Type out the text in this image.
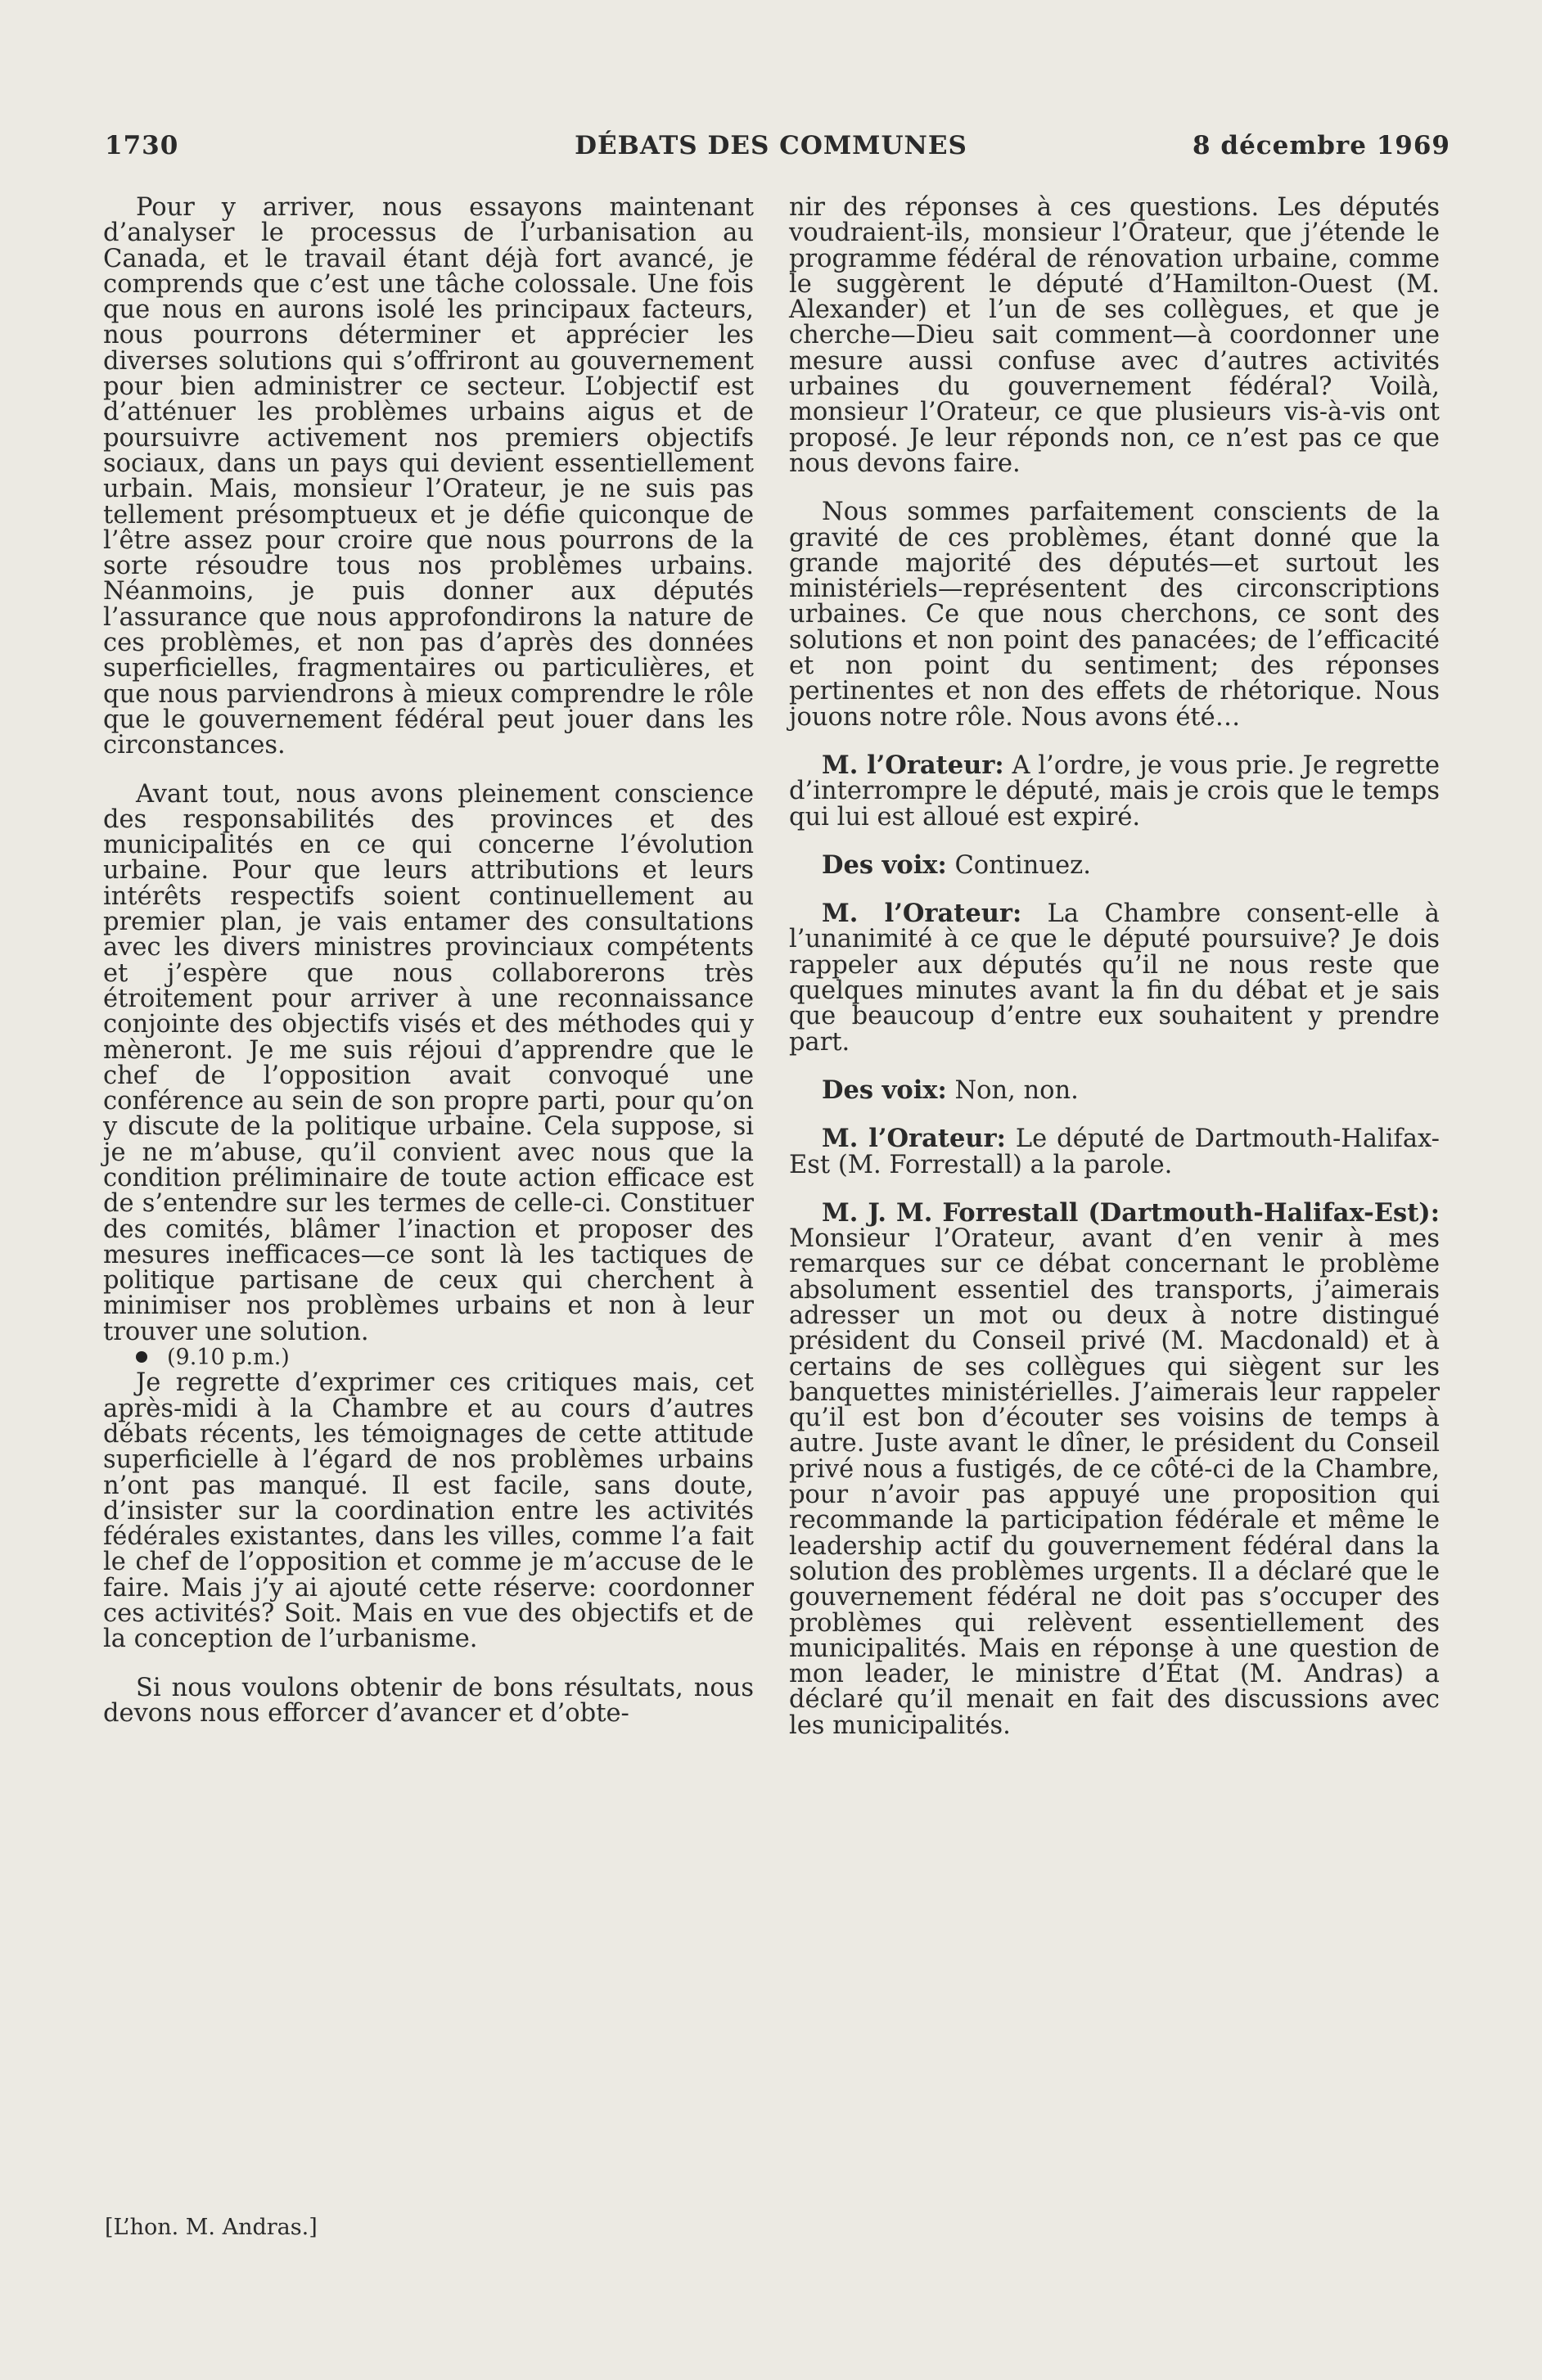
1730	DÉBATS DES COMMUNES	8 décembre 1969

Pour y arriver, nous essayons maintenant d’analyser le processus de l’urbanisation au Canada, et le travail étant déjà fort avancé, je comprends que c’est une tâche colossale. Une fois que nous en aurons isolé les principaux facteurs, nous pourrons déterminer et apprécier les diverses solutions qui s’offriront au gouvernement pour bien administrer ce secteur. L’objectif est d’atténuer les problèmes urbains aigus et de poursuivre activement nos premiers objectifs sociaux, dans un pays qui devient essentiellement urbain. Mais, monsieur l’Orateur, je ne suis pas tellement présomptueux et je défie quiconque de l’être assez pour croire que nous pourrons de la sorte résoudre tous nos problèmes urbains. Néanmoins, je puis donner aux députés l’assurance que nous approfondirons la nature de ces problèmes, et non pas d’après des données superficielles, fragmentaires ou particulières, et que nous parviendrons à mieux comprendre le rôle que le gouvernement fédéral peut jouer dans les circonstances.

Avant tout, nous avons pleinement conscience des responsabilités des provinces et des municipalités en ce qui concerne l’évolution urbaine. Pour que leurs attributions et leurs intérêts respectifs soient continuellement au premier plan, je vais entamer des consultations avec les divers ministres provinciaux compétents et j’espère que nous collaborerons très étroitement pour arriver à une reconnaissance conjointe des objectifs visés et des méthodes qui y mèneront. Je me suis réjoui d’apprendre que le chef de l’opposition avait convoqué une conférence au sein de son propre parti, pour qu’on y discute de la politique urbaine. Cela suppose, si je ne m’abuse, qu’il convient avec nous que la condition préliminaire de toute action efficace est de s’entendre sur les termes de celle-ci. Constituer des comités, blâmer l’inaction et proposer des mesures inefficaces—ce sont là les tactiques de politique partisane de ceux qui cherchent à minimiser nos problèmes urbains et non à leur trouver une solution.

(9.10 p.m.)

Je regrette d’exprimer ces critiques mais, cet après-midi à la Chambre et au cours d’autres débats récents, les témoignages de cette attitude superficielle à l’égard de nos problèmes urbains n’ont pas manqué. Il est facile, sans doute, d’insister sur la coordination entre les activités fédérales existantes, dans les villes, comme l’a fait le chef de l’opposition et comme je m’accuse de le faire. Mais j’y ai ajouté cette réserve: coordonner ces activités? Soit. Mais en vue des objectifs et de la conception de l’urbanisme.

Si nous voulons obtenir de bons résultats, nous devons nous efforcer d’avancer et d’obte-

nir des réponses à ces questions. Les députés voudraient-ils, monsieur l’Orateur, que j’étende le programme fédéral de rénovation urbaine, comme le suggèrent le député d’Hamilton-Ouest (M. Alexander) et l’un de ses collègues, et que je cherche—Dieu sait comment—à coordonner une mesure aussi confuse avec d’autres activités urbaines du gouvernement fédéral? Voilà, monsieur l’Orateur, ce que plusieurs vis-à-vis ont proposé. Je leur réponds non, ce n’est pas ce que nous devons faire.

Nous sommes parfaitement conscients de la gravité de ces problèmes, étant donné que la grande majorité des députés—et surtout les ministériels—représentent des circonscriptions urbaines. Ce que nous cherchons, ce sont des solutions et non point des panacées; de l’efficacité et non point du sentiment; des réponses pertinentes et non des effets de rhétorique. Nous jouons notre rôle. Nous avons été…

M. l’Orateur: A l’ordre, je vous prie. Je regrette d’interrompre le député, mais je crois que le temps qui lui est alloué est expiré.

Des voix: Continuez.

M. l’Orateur: La Chambre consent-elle à l’unanimité à ce que le député poursuive? Je dois rappeler aux députés qu’il ne nous reste que quelques minutes avant la fin du débat et je sais que beaucoup d’entre eux souhaitent y prendre part.

Des voix: Non, non.

M. l’Orateur: Le député de Dartmouth-Halifax-Est (M. Forrestall) a la parole.

M. J. M. Forrestall (Dartmouth-Halifax-Est): Monsieur l’Orateur, avant d’en venir à mes remarques sur ce débat concernant le problème absolument essentiel des transports, j’aimerais adresser un mot ou deux à notre distingué président du Conseil privé (M. Macdonald) et à certains de ses collègues qui siègent sur les banquettes ministérielles. J’aimerais leur rappeler qu’il est bon d’écouter ses voisins de temps à autre. Juste avant le dîner, le président du Conseil privé nous a fustigés, de ce côté-ci de la Chambre, pour n’avoir pas appuyé une proposition qui recommande la participation fédérale et même le leadership actif du gouvernement fédéral dans la solution des problèmes urgents. Il a déclaré que le gouvernement fédéral ne doit pas s’occuper des problèmes qui relèvent essentiellement des municipalités. Mais en réponse à une question de mon leader, le ministre d’État (M. Andras) a déclaré qu’il menait en fait des discussions avec les municipalités.

[L’hon. M. Andras.]
